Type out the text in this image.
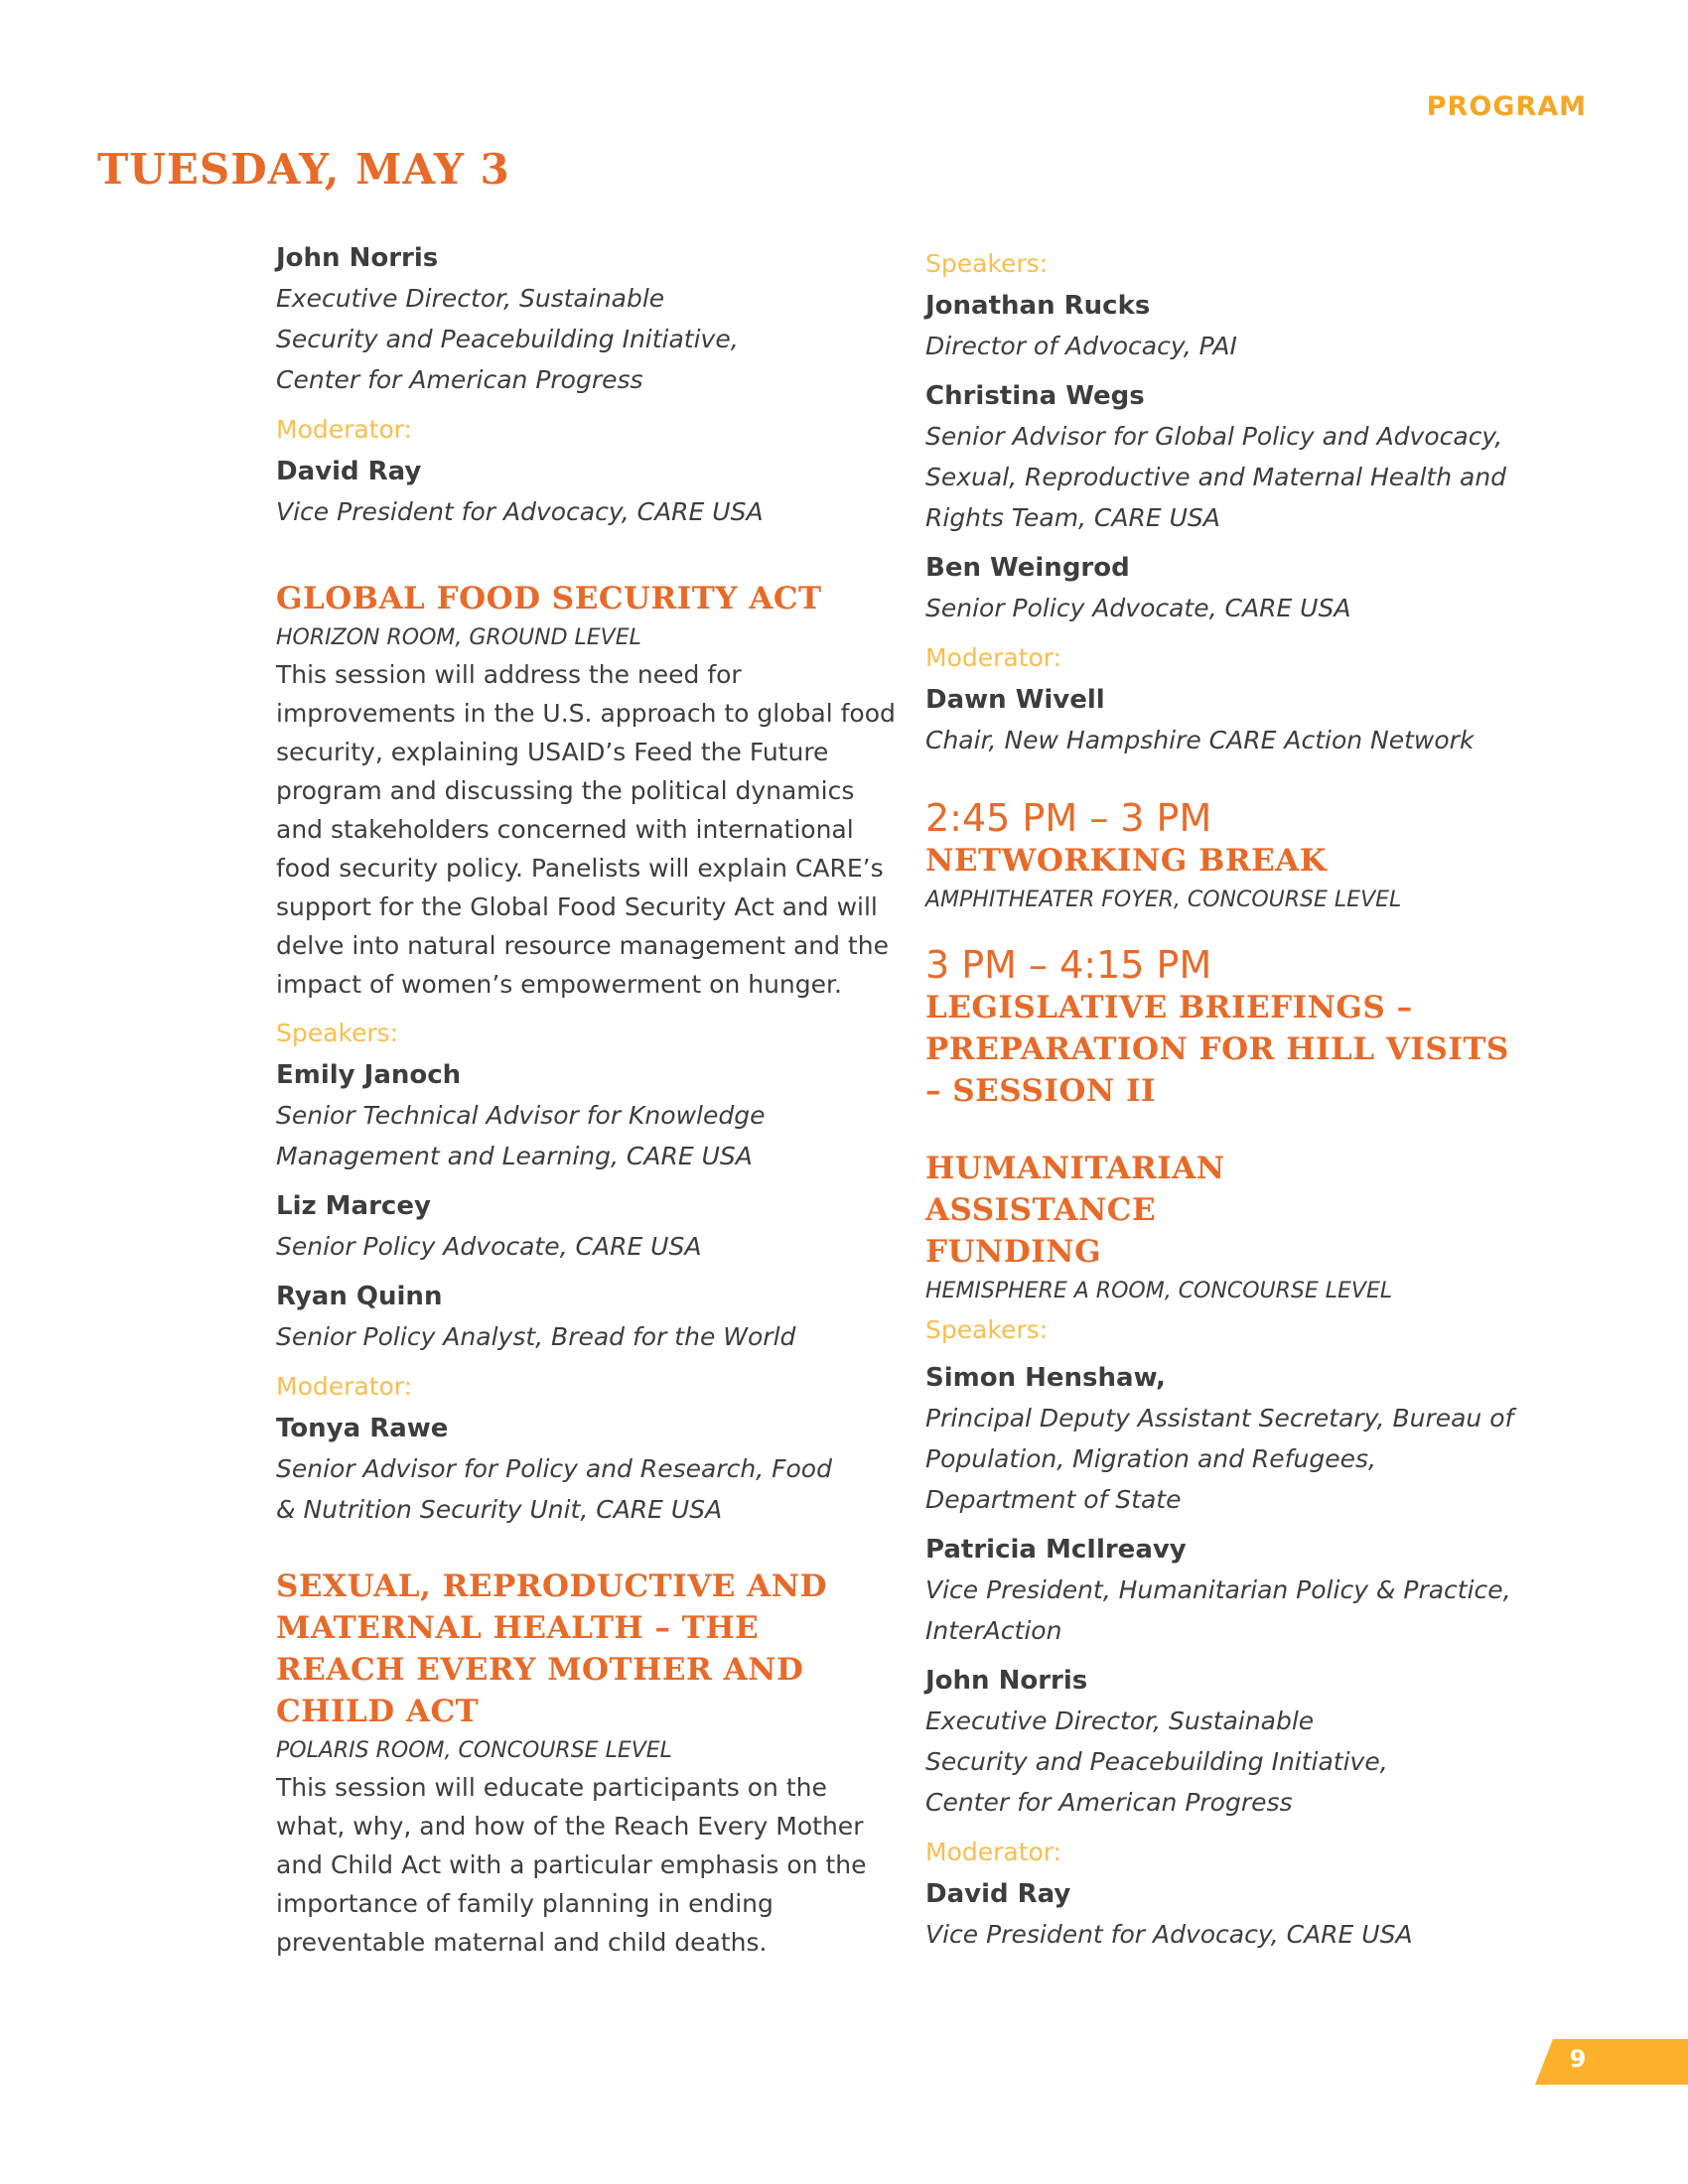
PROGRAM
TUESDAY, MAY 3
John Norris
Executive Director, Sustainable Security and Peacebuilding Initiative, Center for American Progress
Moderator:
David Ray
Vice President for Advocacy, CARE USA
GLOBAL FOOD SECURITY ACT
HORIZON ROOM, GROUND LEVEL

This session will address the need for improvements in the U.S. approach to global food security, explaining USAID’s Feed the Future program and discussing the political dynamics and stakeholders concerned with international food security policy. Panelists will explain CARE’s support for the Global Food Security Act and will delve into natural resource management and the impact of women’s empowerment on hunger.

Speakers:
Emily Janoch
Senior Technical Advisor for Knowledge Management and Learning, CARE USA
Liz Marcey
Senior Policy Advocate, CARE USA
Ryan Quinn
Senior Policy Analyst, Bread for the World
Moderator:
Tonya Rawe
Senior Advisor for Policy and Research, Food & Nutrition Security Unit, CARE USA
SEXUAL, REPRODUCTIVE AND MATERNAL HEALTH – THE REACH EVERY MOTHER AND CHILD ACT
POLARIS ROOM, CONCOURSE LEVEL

This session will educate participants on the what, why, and how of the Reach Every Mother and Child Act with a particular emphasis on the importance of family planning in ending preventable maternal and child deaths.

Speakers:
Jonathan Rucks
Director of Advocacy, PAI
Christina Wegs
Senior Advisor for Global Policy and Advocacy, Sexual, Reproductive and Maternal Health and Rights Team, CARE USA
Ben Weingrod
Senior Policy Advocate, CARE USA
Moderator:
Dawn Wivell
Chair, New Hampshire CARE Action Network
2:45 PM – 3 PM
NETWORKING BREAK
AMPHITHEATER FOYER, CONCOURSE LEVEL
3 PM – 4:15 PM
LEGISLATIVE BRIEFINGS – PREPARATION FOR HILL VISITS – SESSION II
HUMANITARIAN ASSISTANCE FUNDING
HEMISPHERE A ROOM, CONCOURSE LEVEL
Speakers:
Simon Henshaw,
Principal Deputy Assistant Secretary, Bureau of Population, Migration and Refugees, Department of State
Patricia McIlreavy
Vice President, Humanitarian Policy & Practice, InterAction
John Norris
Executive Director, Sustainable Security and Peacebuilding Initiative, Center for American Progress
Moderator:
David Ray
Vice President for Advocacy, CARE USA
9
